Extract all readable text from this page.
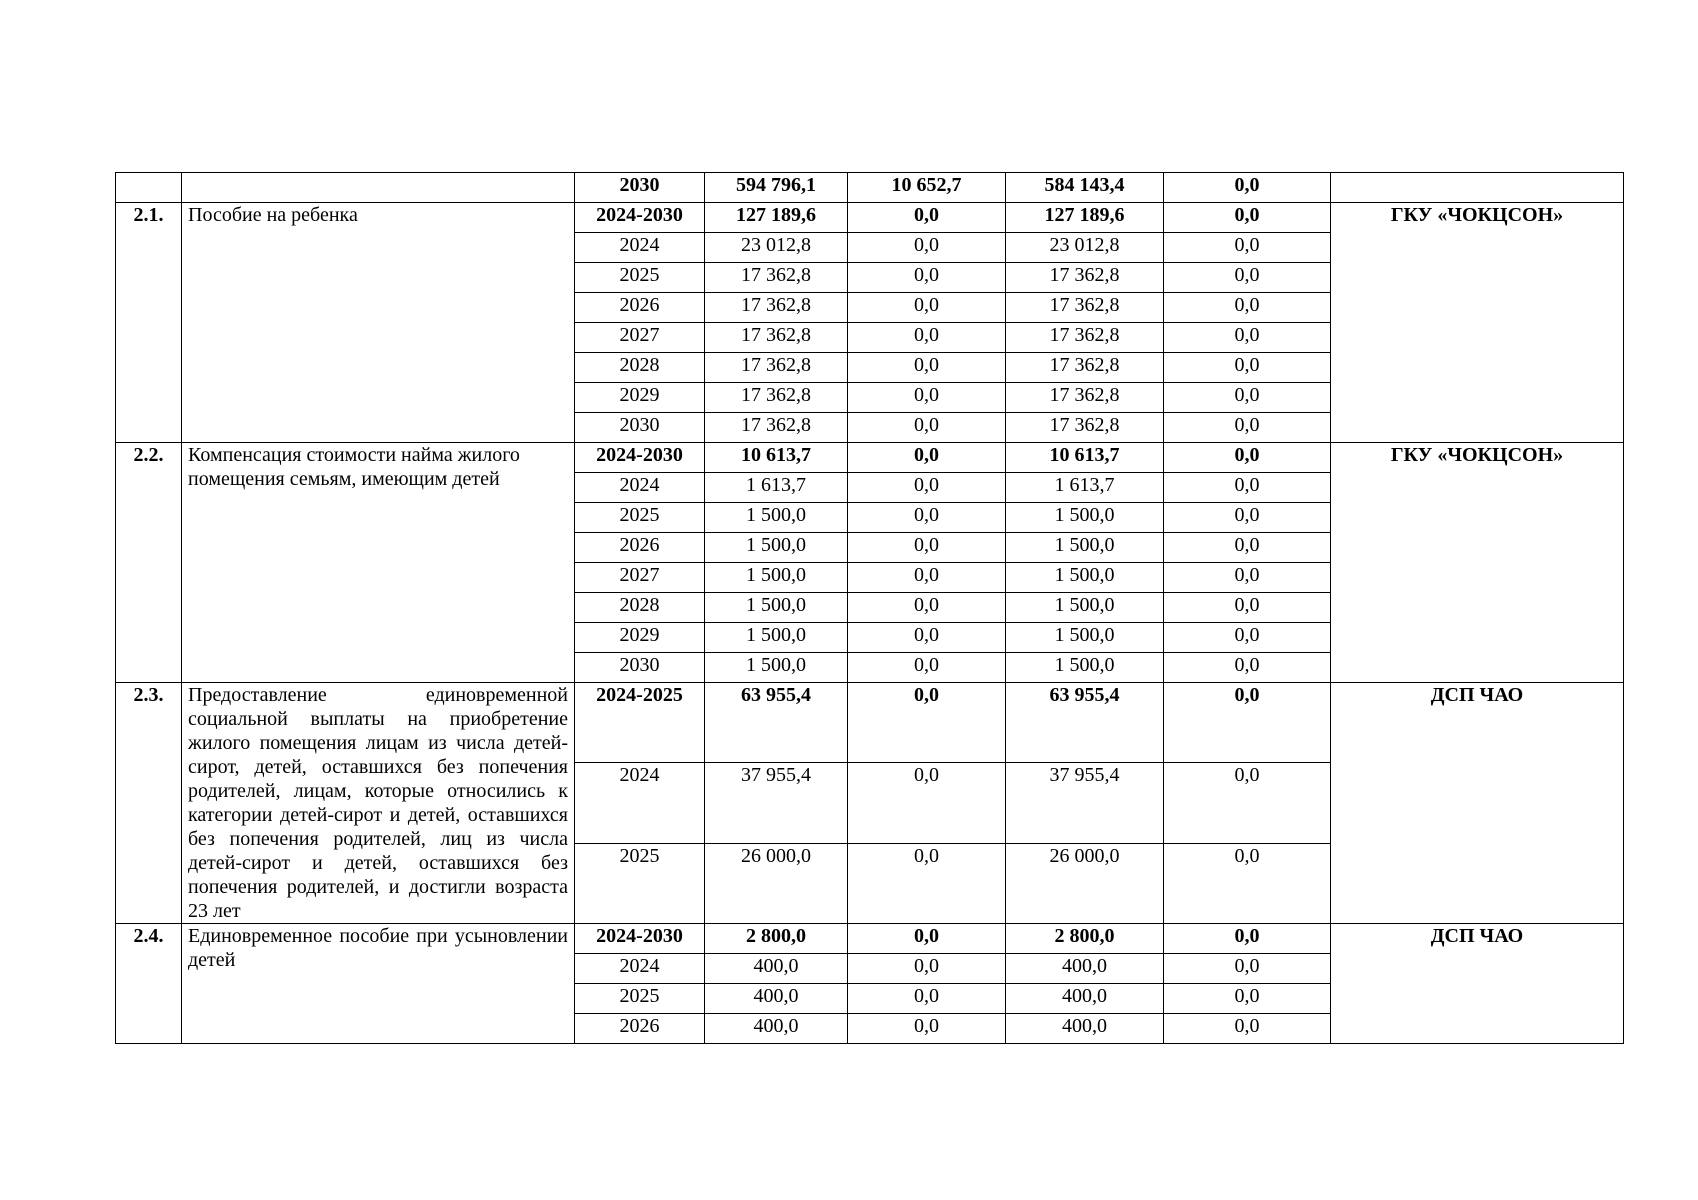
		2030	594 796,1	10 652,7	584 143,4	0,0	
2.1.	Пособие на ребенка	2024-2030	127 189,6	0,0	127 189,6	0,0	ГКУ «ЧОКЦСОН»
		2024	23 012,8	0,0	23 012,8	0,0	
		2025	17 362,8	0,0	17 362,8	0,0	
		2026	17 362,8	0,0	17 362,8	0,0	
		2027	17 362,8	0,0	17 362,8	0,0	
		2028	17 362,8	0,0	17 362,8	0,0	
		2029	17 362,8	0,0	17 362,8	0,0	
		2030	17 362,8	0,0	17 362,8	0,0	
2.2.	Компенсация стоимости найма жилого помещения семьям, имеющим детей	2024-2030	10 613,7	0,0	10 613,7	0,0	ГКУ «ЧОКЦСОН»
		2024	1 613,7	0,0	1 613,7	0,0	
		2025	1 500,0	0,0	1 500,0	0,0	
		2026	1 500,0	0,0	1 500,0	0,0	
		2027	1 500,0	0,0	1 500,0	0,0	
		2028	1 500,0	0,0	1 500,0	0,0	
		2029	1 500,0	0,0	1 500,0	0,0	
		2030	1 500,0	0,0	1 500,0	0,0	
2.3.	Предоставление единовременной социальной выплаты на приобретение жилого помещения лицам из числа детей-сирот, детей, оставшихся без попечения родителей, лицам, которые относились к категории детей-сирот и детей, оставшихся без попечения родителей, лиц из числа детей-сирот и детей, оставшихся без попечения родителей, и достигли возраста 23 лет	2024-2025	63 955,4	0,0	63 955,4	0,0	ДСП ЧАО
		2024	37 955,4	0,0	37 955,4	0,0	
		2025	26 000,0	0,0	26 000,0	0,0	
2.4.	Единовременное пособие при усыновлении детей	2024-2030	2 800,0	0,0	2 800,0	0,0	ДСП ЧАО
		2024	400,0	0,0	400,0	0,0	
		2025	400,0	0,0	400,0	0,0	
		2026	400,0	0,0	400,0	0,0	
